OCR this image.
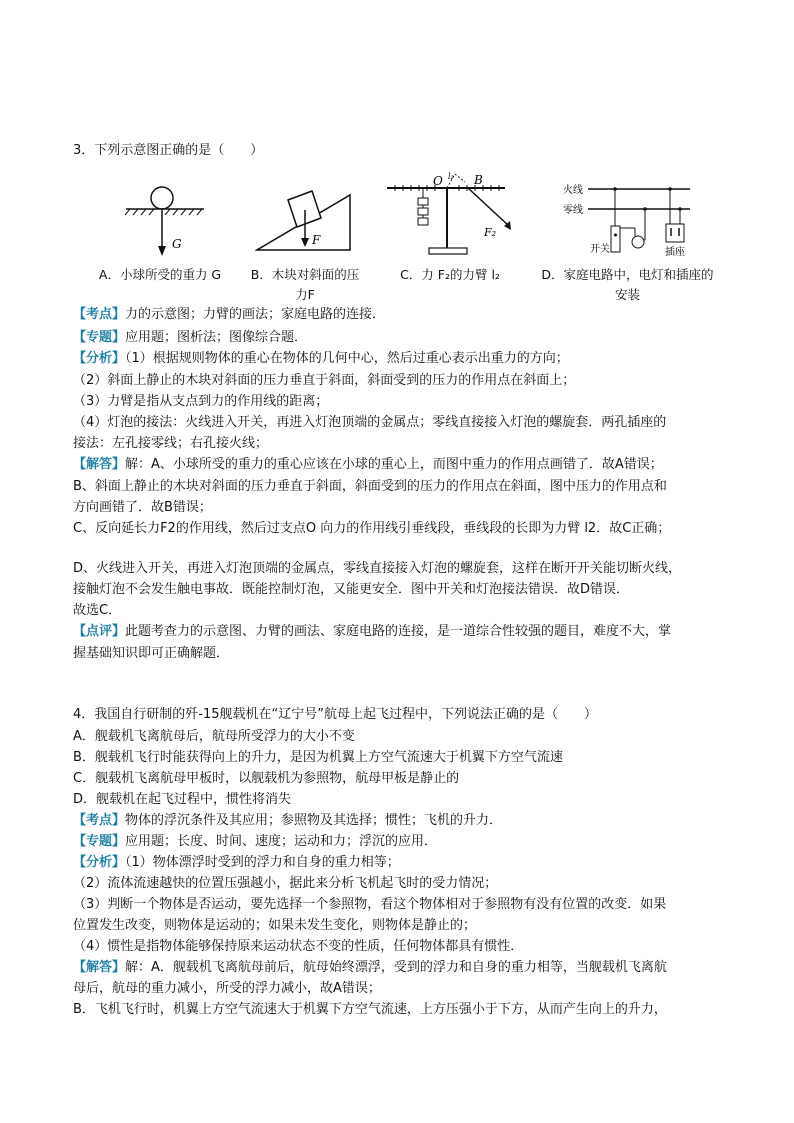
3．下列示意图正确的是（　　）
G	F
O	B
l₂
F₂
火线
零线
开关	插座
A．小球所受的重力 G	B．木块对斜面的压
力F
C．力 F₂的力臂 l₂	D．家庭电路中，电灯和插座的
安装
【考点】力的示意图；力臂的画法；家庭电路的连接．
【专题】应用题；图析法；图像综合题．
【分析】（1）根据规则物体的重心在物体的几何中心，然后过重心表示出重力的方向；
（2）斜面上静止的木块对斜面的压力垂直于斜面，斜面受到的压力的作用点在斜面上；
（3）力臂是指从支点到力的作用线的距离；
（4）灯泡的接法：火线进入开关，再进入灯泡顶端的金属点；零线直接接入灯泡的螺旋套．两孔插座的
接法：左孔接零线；右孔接火线；
【解答】解：A、小球所受的重力的重心应该在小球的重心上，而图中重力的作用点画错了．故A错误；
B、斜面上静止的木块对斜面的压力垂直于斜面，斜面受到的压力的作用点在斜面，图中压力的作用点和
方向画错了．故B错误；
C、反向延长力F2的作用线，然后过支点O 向力的作用线引垂线段，垂线段的长即为力臂 l2．故C正确；
D、火线进入开关，再进入灯泡顶端的金属点，零线直接接入灯泡的螺旋套，这样在断开开关能切断火线，
接触灯泡不会发生触电事故．既能控制灯泡，又能更安全．图中开关和灯泡接法错误．故D错误．
故选C．
【点评】此题考查力的示意图、力臂的画法、家庭电路的连接，是一道综合性较强的题目，难度不大，掌
握基础知识即可正确解题．
4．我国自行研制的歼-15舰载机在“辽宁号”航母上起飞过程中，下列说法正确的是（　　）
A．舰载机飞离航母后，航母所受浮力的大小不变
B．舰载机飞行时能获得向上的升力，是因为机翼上方空气流速大于机翼下方空气流速
C．舰载机飞离航母甲板时，以舰载机为参照物，航母甲板是静止的
D．舰载机在起飞过程中，惯性将消失
【考点】物体的浮沉条件及其应用；参照物及其选择；惯性；飞机的升力．
【专题】应用题；长度、时间、速度；运动和力；浮沉的应用．
【分析】（1）物体漂浮时受到的浮力和自身的重力相等；
（2）流体流速越快的位置压强越小，据此来分析飞机起飞时的受力情况；
（3）判断一个物体是否运动，要先选择一个参照物，看这个物体相对于参照物有没有位置的改变．如果
位置发生改变，则物体是运动的；如果未发生变化，则物体是静止的；
（4）惯性是指物体能够保持原来运动状态不变的性质，任何物体都具有惯性．
【解答】解：A．舰载机飞离航母前后，航母始终漂浮，受到的浮力和自身的重力相等，当舰载机飞离航
母后，航母的重力减小，所受的浮力减小，故A错误；
B．飞机飞行时，机翼上方空气流速大于机翼下方空气流速，上方压强小于下方，从而产生向上的升力，
